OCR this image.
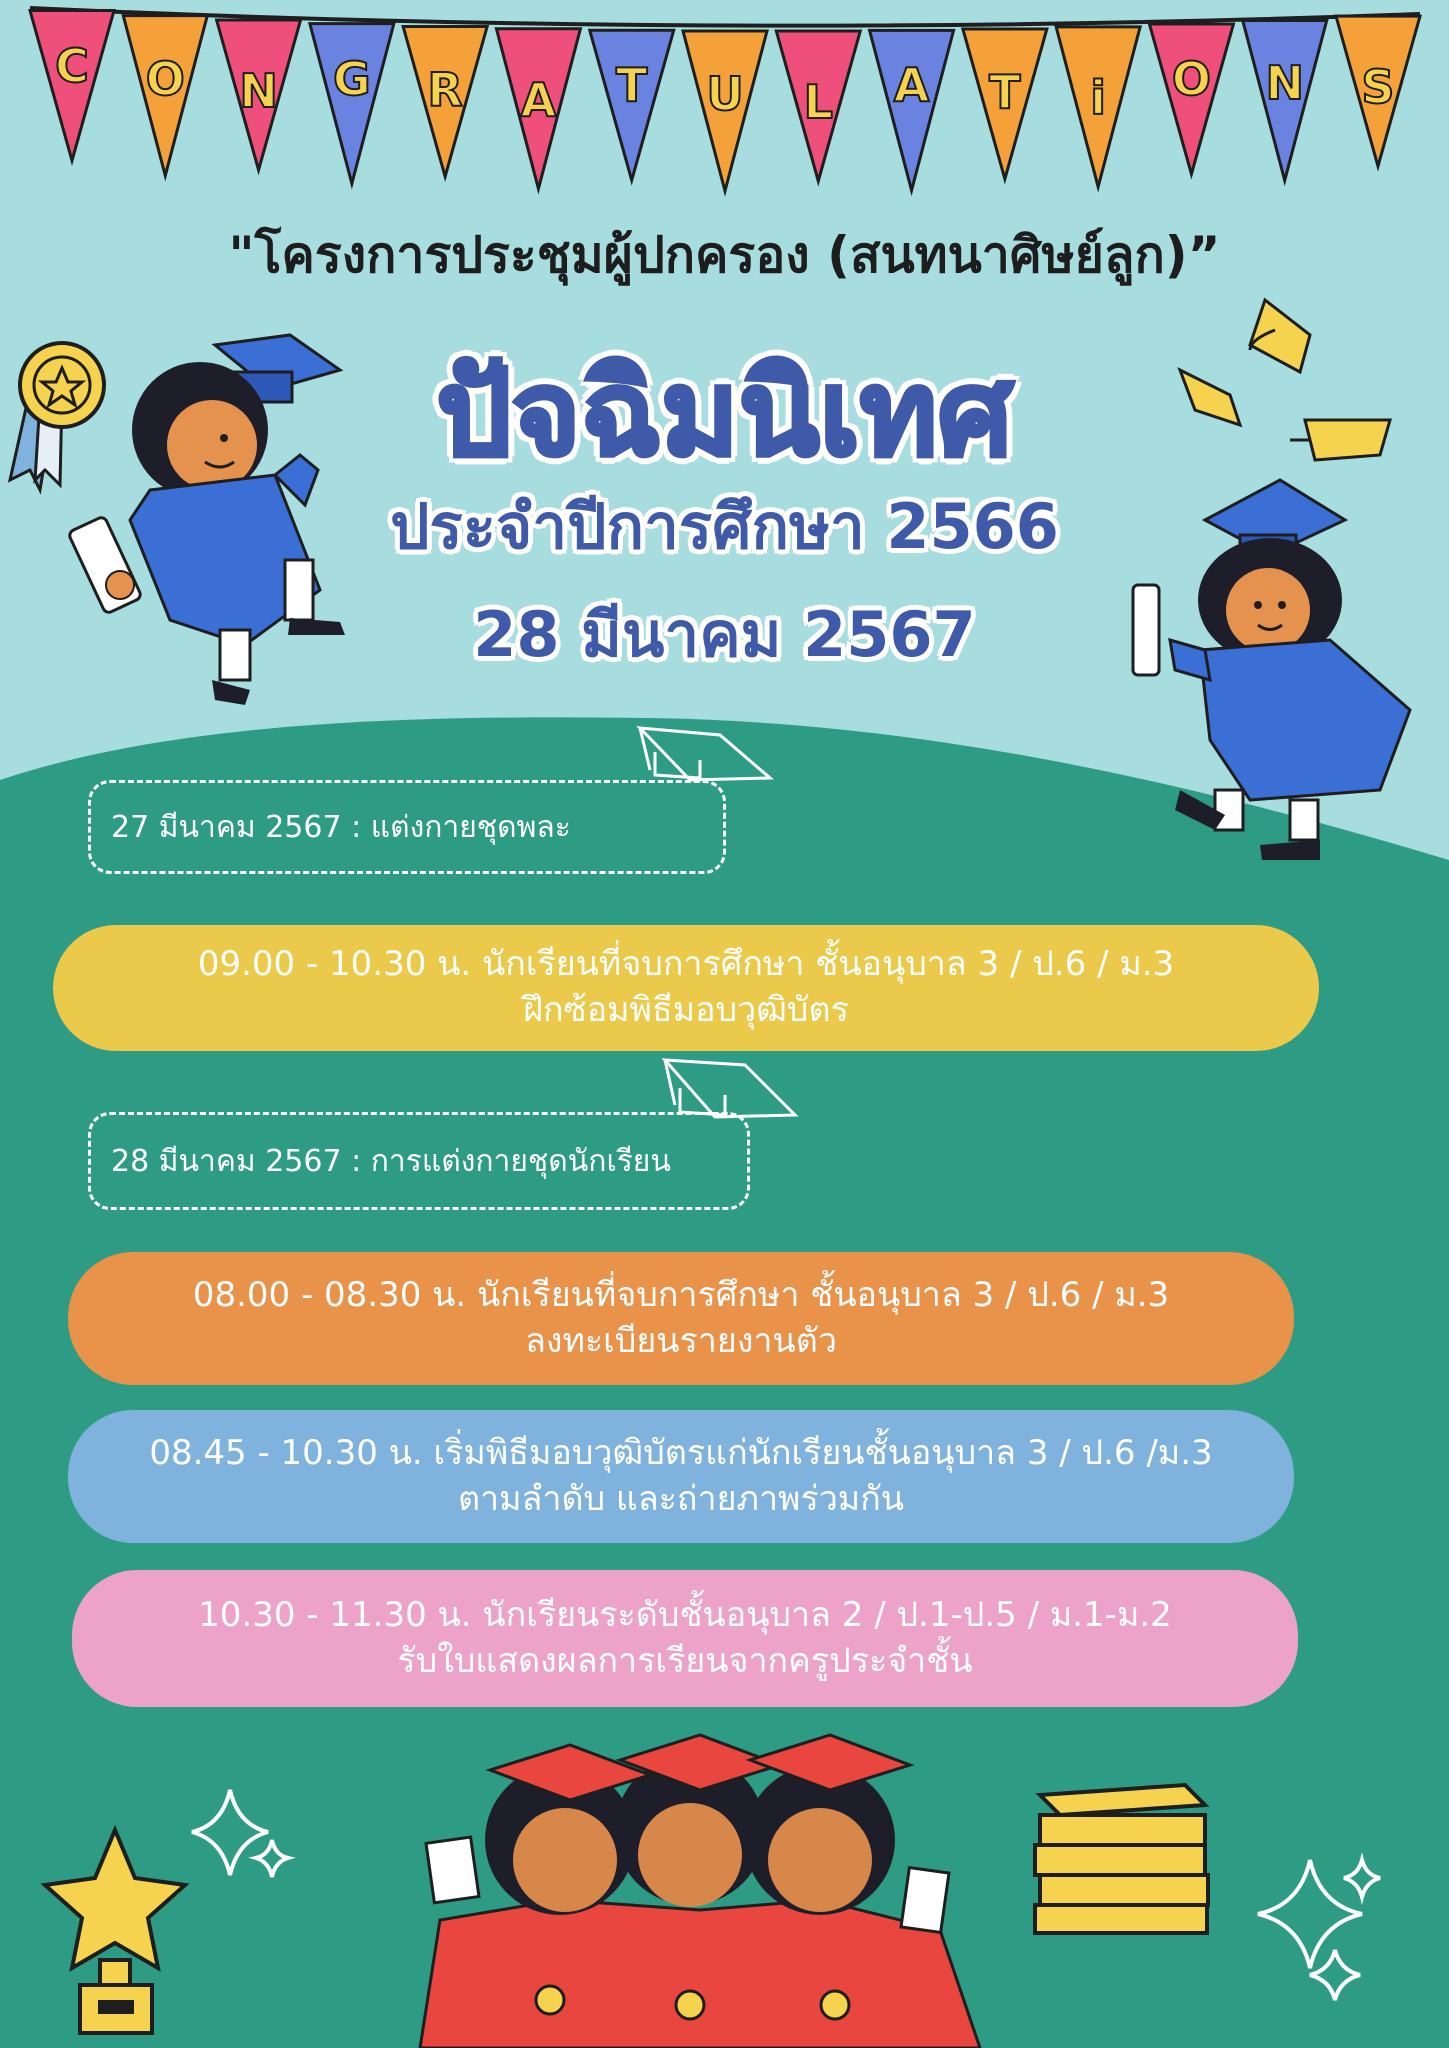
C	O	N	G	R	A	T	U	L	A	T	i	O	N	S
"โครงการประชุมผู้ปกครอง (สนทนาศิษย์ลูก)”
ปัจฉิมนิเทศ
ประจำปีการศึกษา 2566
28 มีนาคม 2567
27 มีนาคม 2567 : แต่งกายชุดพละ
09.00 - 10.30 น. นักเรียนที่จบการศึกษา ชั้นอนุบาล 3 / ป.6 / ม.3
ฝึกซ้อมพิธีมอบวุฒิบัตร
28 มีนาคม 2567 : การแต่งกายชุดนักเรียน
08.00 - 08.30 น. นักเรียนที่จบการศึกษา ชั้นอนุบาล 3 / ป.6 / ม.3
ลงทะเบียนรายงานตัว
08.45 - 10.30 น. เริ่มพิธีมอบวุฒิบัตรแก่นักเรียนชั้นอนุบาล 3 / ป.6 /ม.3
ตามลำดับ และถ่ายภาพร่วมกัน
10.30 - 11.30 น. นักเรียนระดับชั้นอนุบาล 2 / ป.1-ป.5 / ม.1-ม.2
รับใบแสดงผลการเรียนจากครูประจำชั้น
